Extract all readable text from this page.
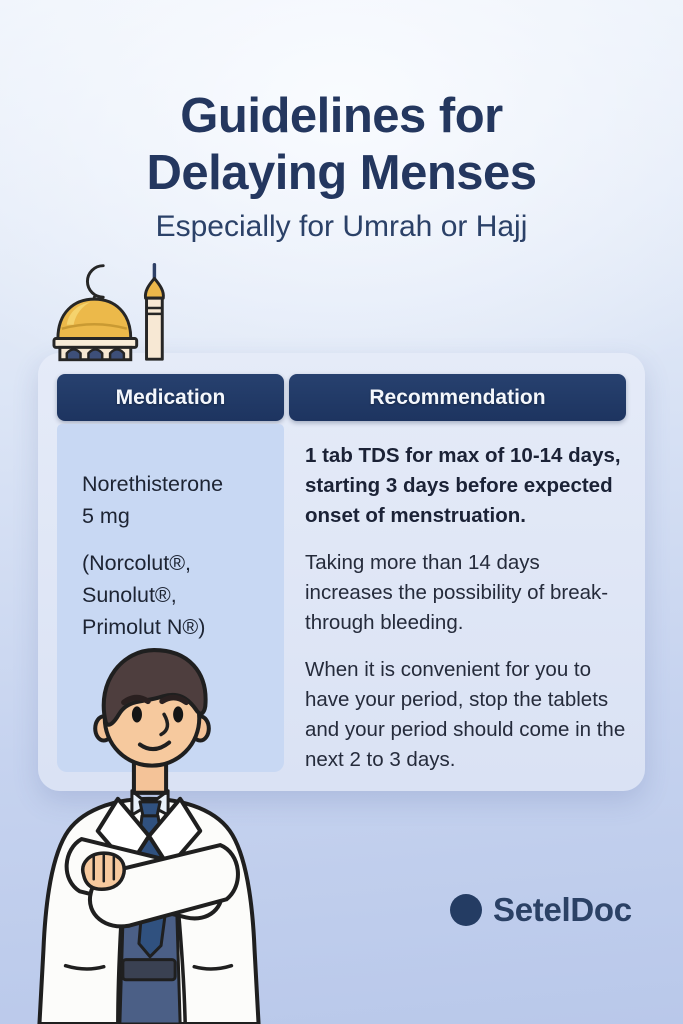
Guidelines for
Delaying Menses
Especially for Umrah or Hajj
Medication	Recommendation
Norethisterone
5 mg
(Norcolut®,
Sunolut®,
Primolut N®)

1 tab TDS for max of 10-14 days, starting 3 days before expected onset of menstruation.

Taking more than 14 days increases the possibility of break-through bleeding.

When it is convenient for you to have your period, stop the tablets and your period should come in the next 2 to 3 days.

SetelDoc
